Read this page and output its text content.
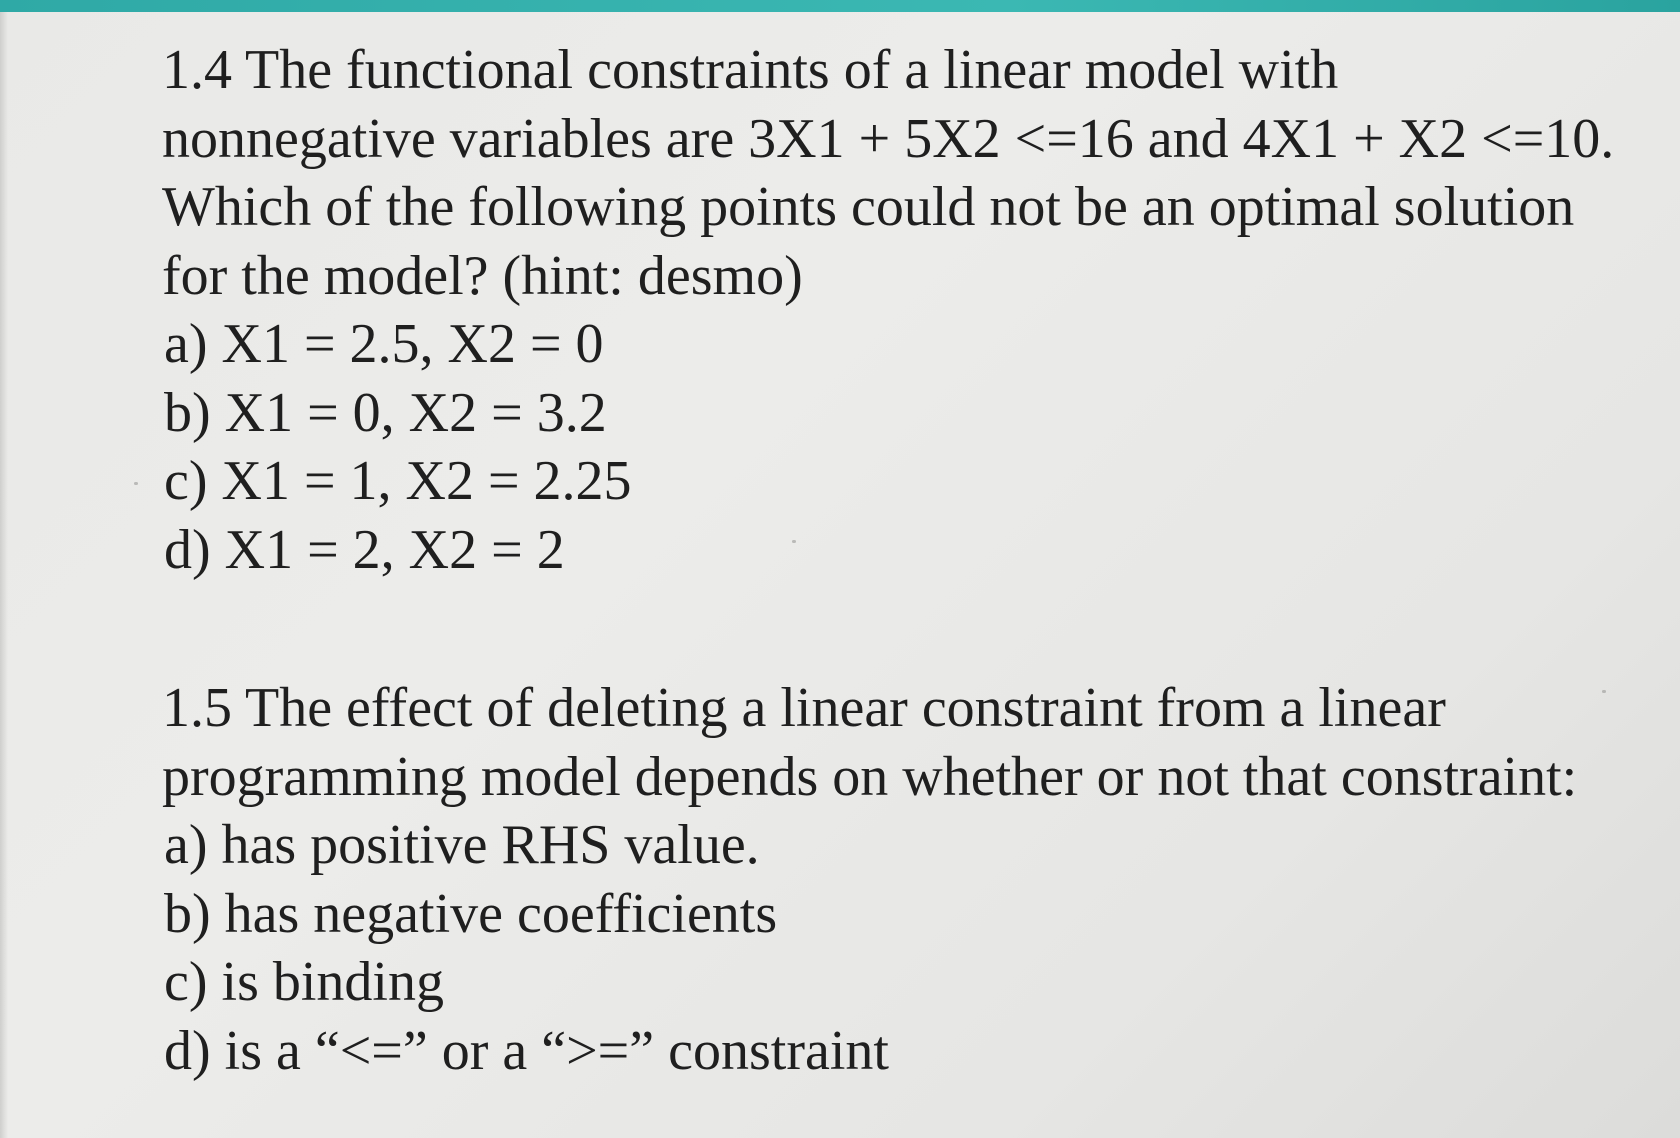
1.4 The functional constraints of a linear model with
nonnegative variables are 3X1 + 5X2 <=16 and 4X1 + X2 <=10.
Which of the following points could not be an optimal solution
for the model? (hint: desmo)
a) X1 = 2.5, X2 = 0
b) X1 = 0, X2 = 3.2
c) X1 = 1, X2 = 2.25
d) X1 = 2, X2 = 2
1.5 The effect of deleting a linear constraint from a linear
programming model depends on whether or not that constraint:
a) has positive RHS value.
b) has negative coefficients
c) is binding
d) is a “<=” or a “>=” constraint
